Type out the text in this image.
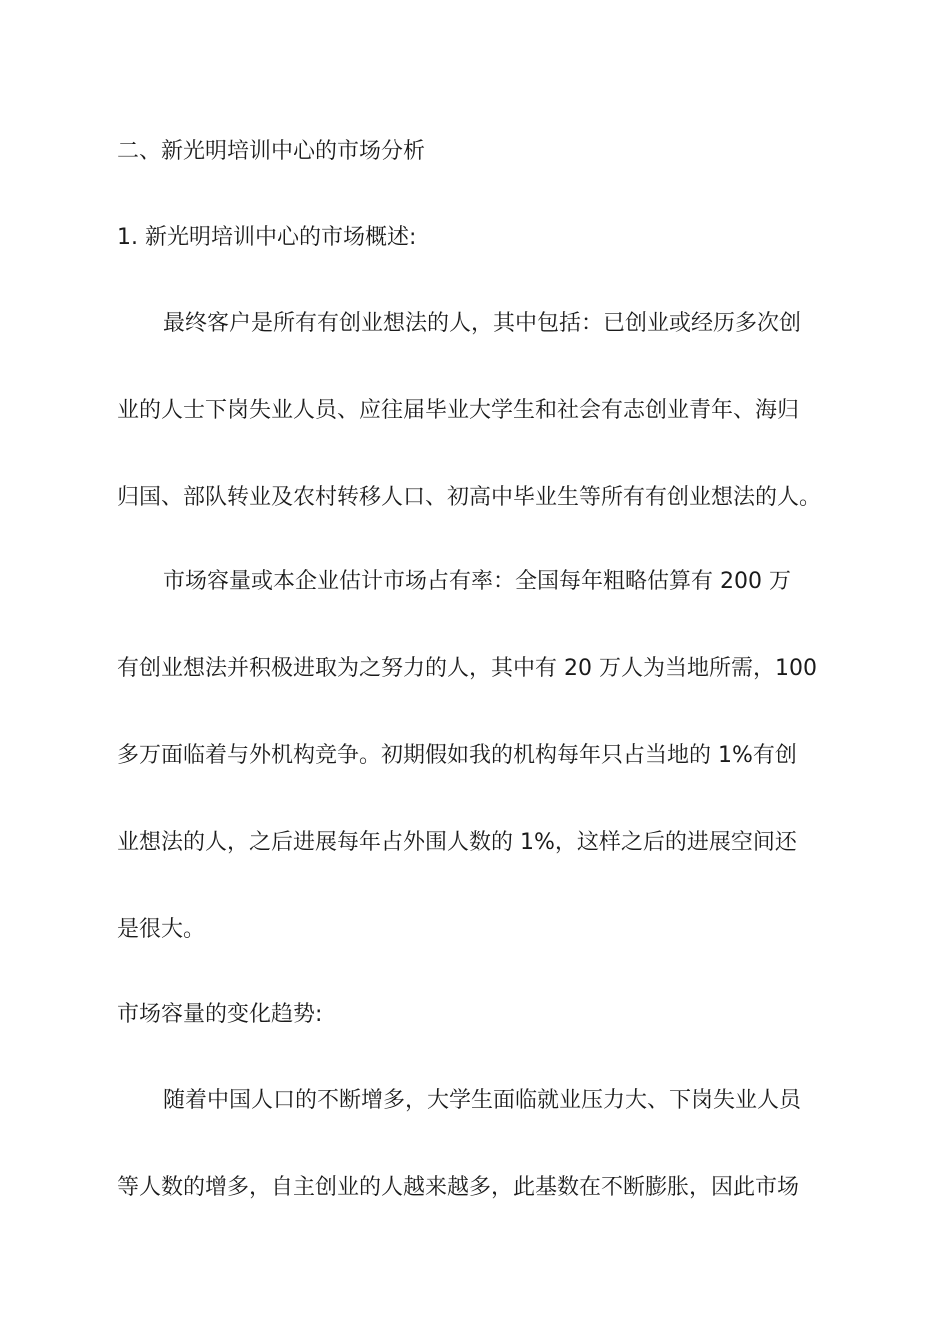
二、新光明培训中心的市场分析
1. 新光明培训中心的市场概述:
最终客户是所有有创业想法的人，其中包括：已创业或经历多次创
业的人士下岗失业人员、应往届毕业大学生和社会有志创业青年、海归
归国、部队转业及农村转移人口、初高中毕业生等所有有创业想法的人。
市场容量或本企业估计市场占有率：全国每年粗略估算有 200 万
有创业想法并积极进取为之努力的人，其中有 20 万人为当地所需，100
多万面临着与外机构竞争。初期假如我的机构每年只占当地的 1%有创
业想法的人，之后进展每年占外围人数的 1%，这样之后的进展空间还
是很大。
市场容量的变化趋势:
随着中国人口的不断增多，大学生面临就业压力大、下岗失业人员
等人数的增多，自主创业的人越来越多，此基数在不断膨胀，因此市场
